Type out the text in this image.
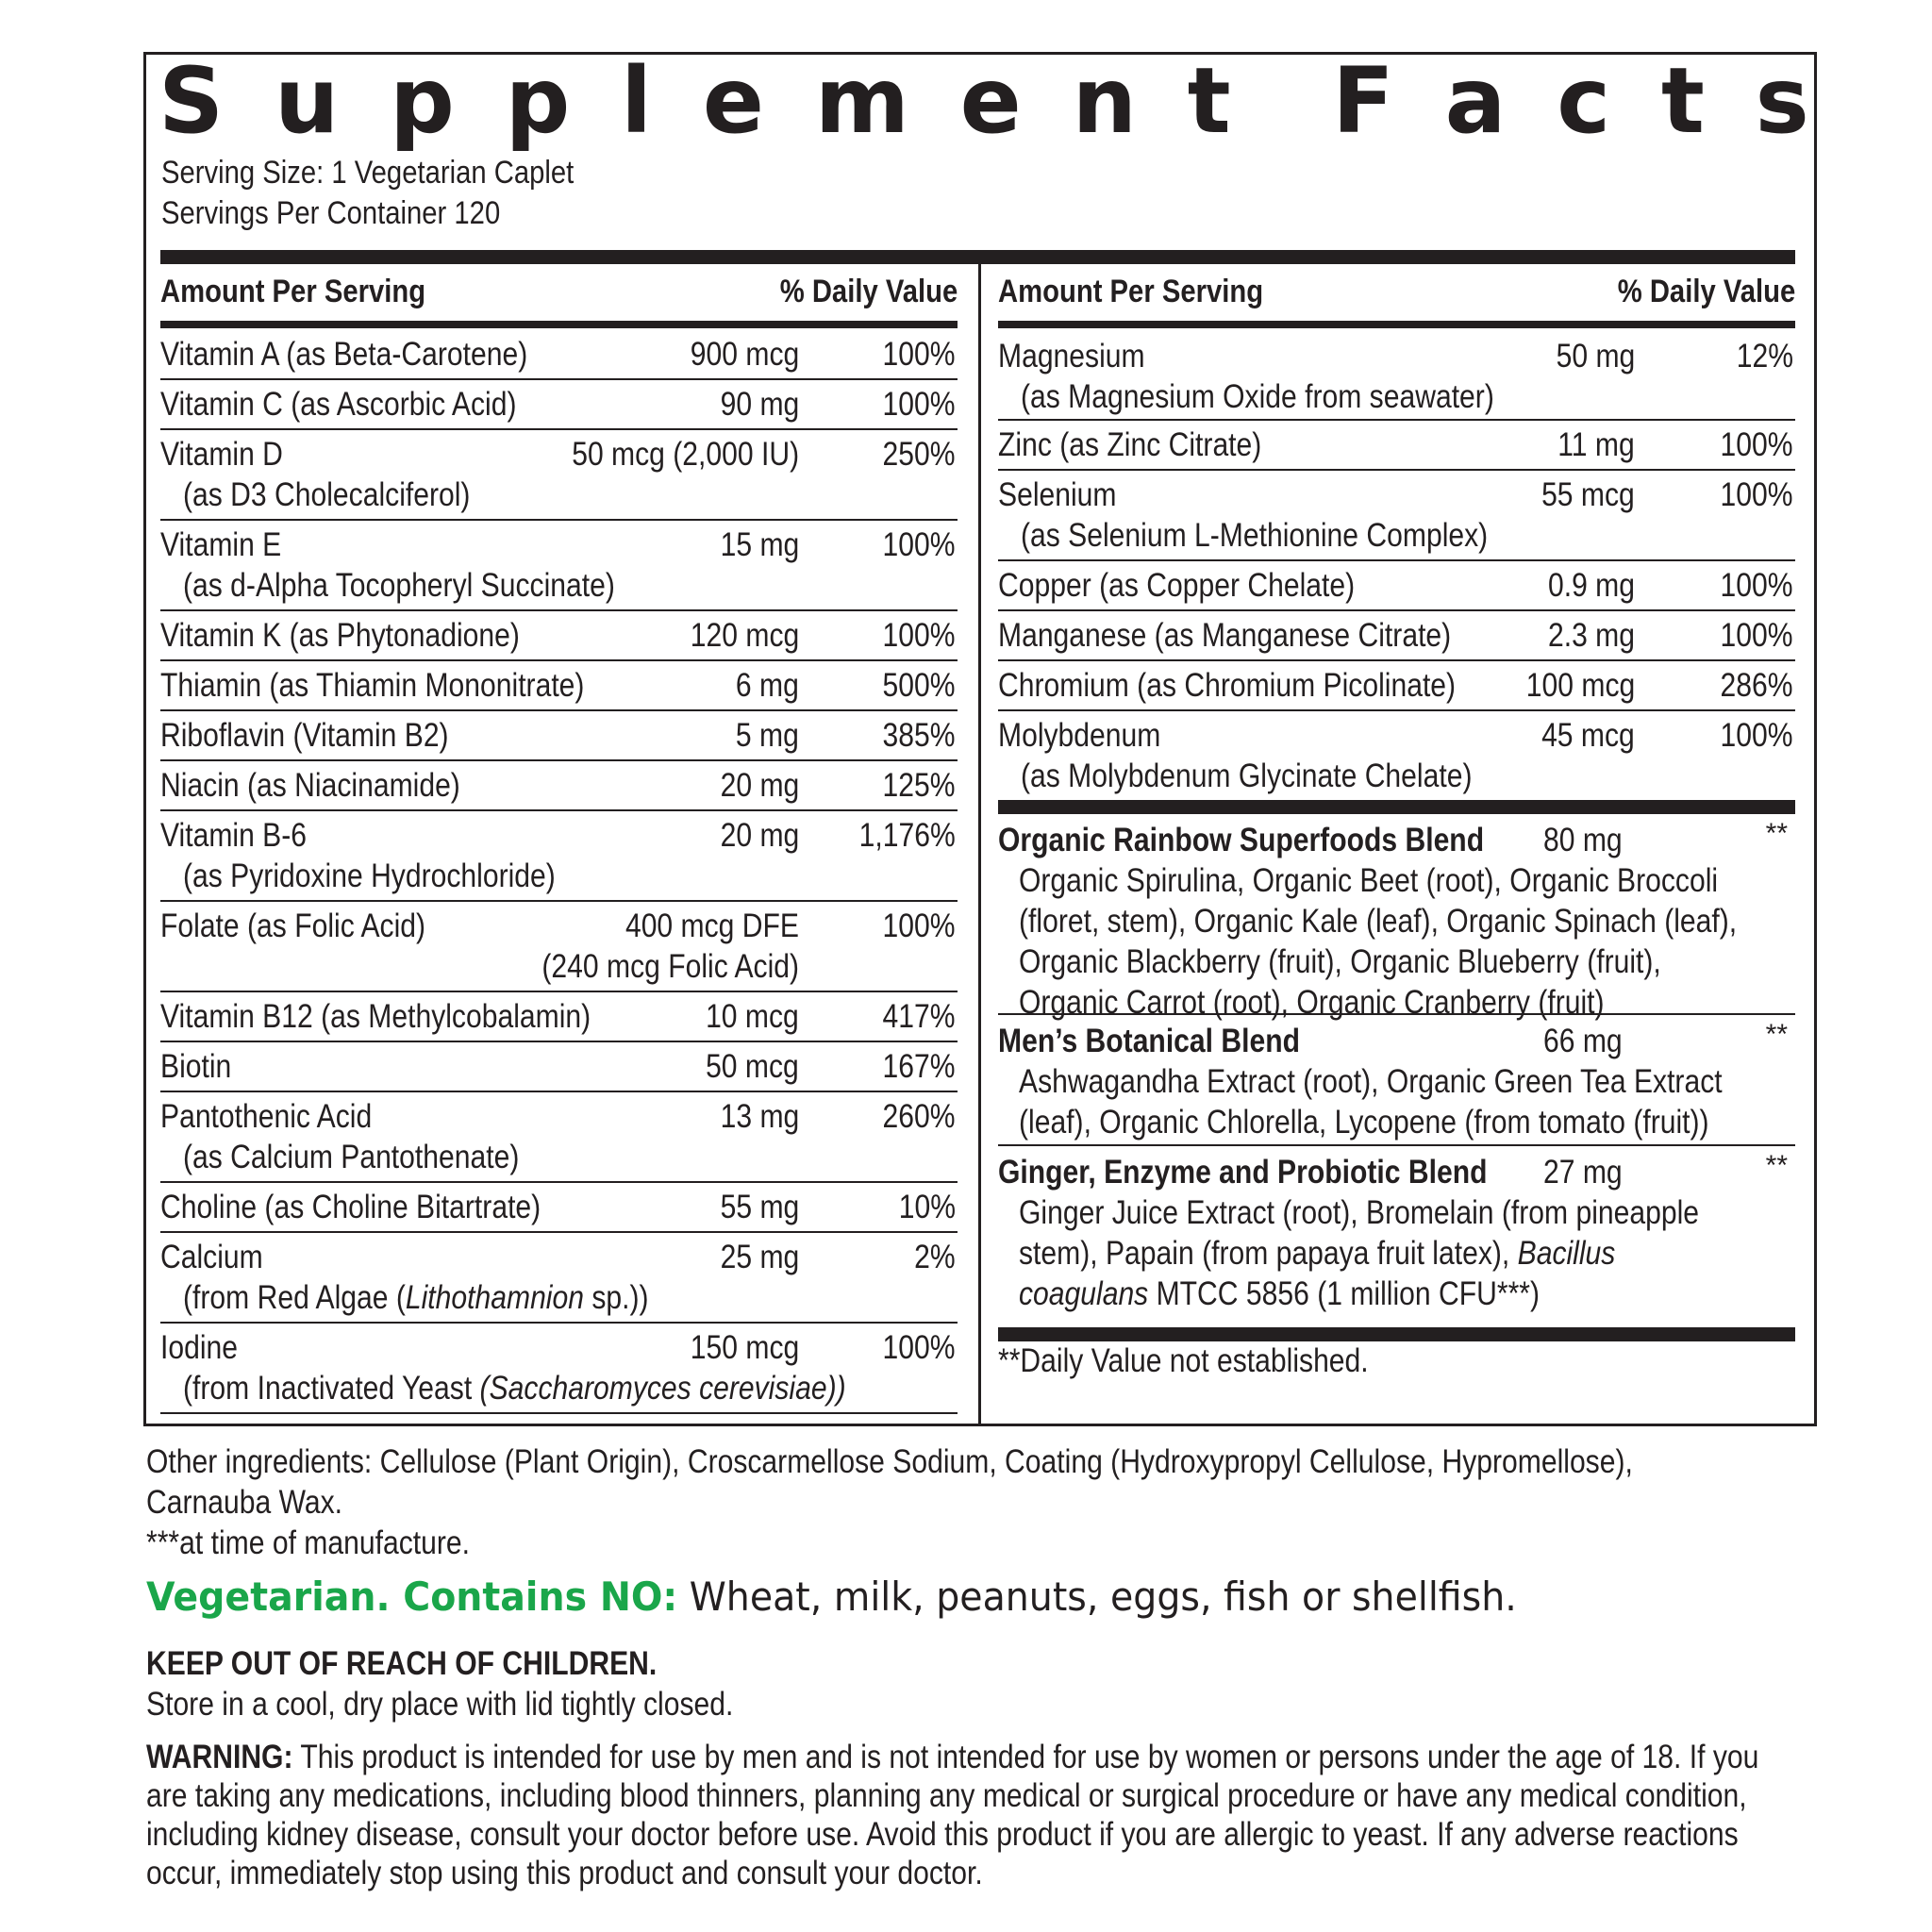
S u p p l e m e n t F a c t s
Serving Size: 1 Vegetarian Caplet
Servings Per Container 120
Amount Per Serving	% Daily Value
Vitamin A (as Beta-Carotene)	900 mcg	100%
Vitamin C (as Ascorbic Acid)	90 mg	100%
Vitamin D
(as D3 Cholecalciferol)
50 mcg (2,000 IU)	250%
Vitamin E
(as d-Alpha Tocopheryl Succinate)
15 mg	100%
Vitamin K (as Phytonadione)	120 mcg	100%
Thiamin (as Thiamin Mononitrate)	6 mg	500%
Riboflavin (Vitamin B2)	5 mg	385%
Niacin (as Niacinamide)	20 mg	125%
Vitamin B-6
(as Pyridoxine Hydrochloride)
20 mg 1,176%
Folate (as Folic Acid)	400 mcg DFE
(240 mcg Folic Acid)
100%
Vitamin B12 (as Methylcobalamin)	10 mcg	417%
Biotin	50 mcg	167%
Pantothenic Acid
(as Calcium Pantothenate)
13 mg	260%
Choline (as Choline Bitartrate)	55 mg	10%
Calcium
(from Red Algae (Lithothamnion sp.))
25 mg	2%
Iodine
(from Inactivated Yeast (Saccharomyces cerevisiae))
150 mcg	100%
Amount Per Serving	% Daily Value
Magnesium
(as Magnesium Oxide from seawater)
50 mg	12%
Zinc (as Zinc Citrate)	11 mg	100%
Selenium
(as Selenium L-Methionine Complex)
55 mcg	100%
Copper (as Copper Chelate)	0.9 mg	100%
Manganese (as Manganese Citrate)	2.3 mg	100%
Chromium (as Chromium Picolinate) 100 mcg	286%
Molybdenum
(as Molybdenum Glycinate Chelate)
45 mcg	100%
Organic Rainbow Superfoods Blend 80 mg	**
Organic Spirulina, Organic Beet (root), Organic Broccoli
(floret, stem), Organic Kale (leaf), Organic Spinach (leaf),
Organic Blackberry (fruit), Organic Blueberry (fruit),
Organic Carrot (root), Organic Cranberry (fruit)
Men’s Botanical Blend	66 mg	**
Ashwagandha Extract (root), Organic Green Tea Extract
(leaf), Organic Chlorella, Lycopene (from tomato (fruit))
Ginger, Enzyme and Probiotic Blend 27 mg	**
Ginger Juice Extract (root), Bromelain (from pineapple
stem), Papain (from papaya fruit latex), Bacillus
coagulans MTCC 5856 (1 million CFU***)
**Daily Value not established.
Other ingredients: Cellulose (Plant Origin), Croscarmellose Sodium, Coating (Hydroxypropyl Cellulose, Hypromellose),
Carnauba Wax.
***at time of manufacture.
Vegetarian. Contains NO: Wheat, milk, peanuts, eggs, fish or shellfish.
KEEP OUT OF REACH OF CHILDREN.
Store in a cool, dry place with lid tightly closed.
WARNING: This product is intended for use by men and is not intended for use by women or persons under the age of 18. If you
are taking any medications, including blood thinners, planning any medical or surgical procedure or have any medical condition,
including kidney disease, consult your doctor before use. Avoid this product if you are allergic to yeast. If any adverse reactions
occur, immediately stop using this product and consult your doctor.
